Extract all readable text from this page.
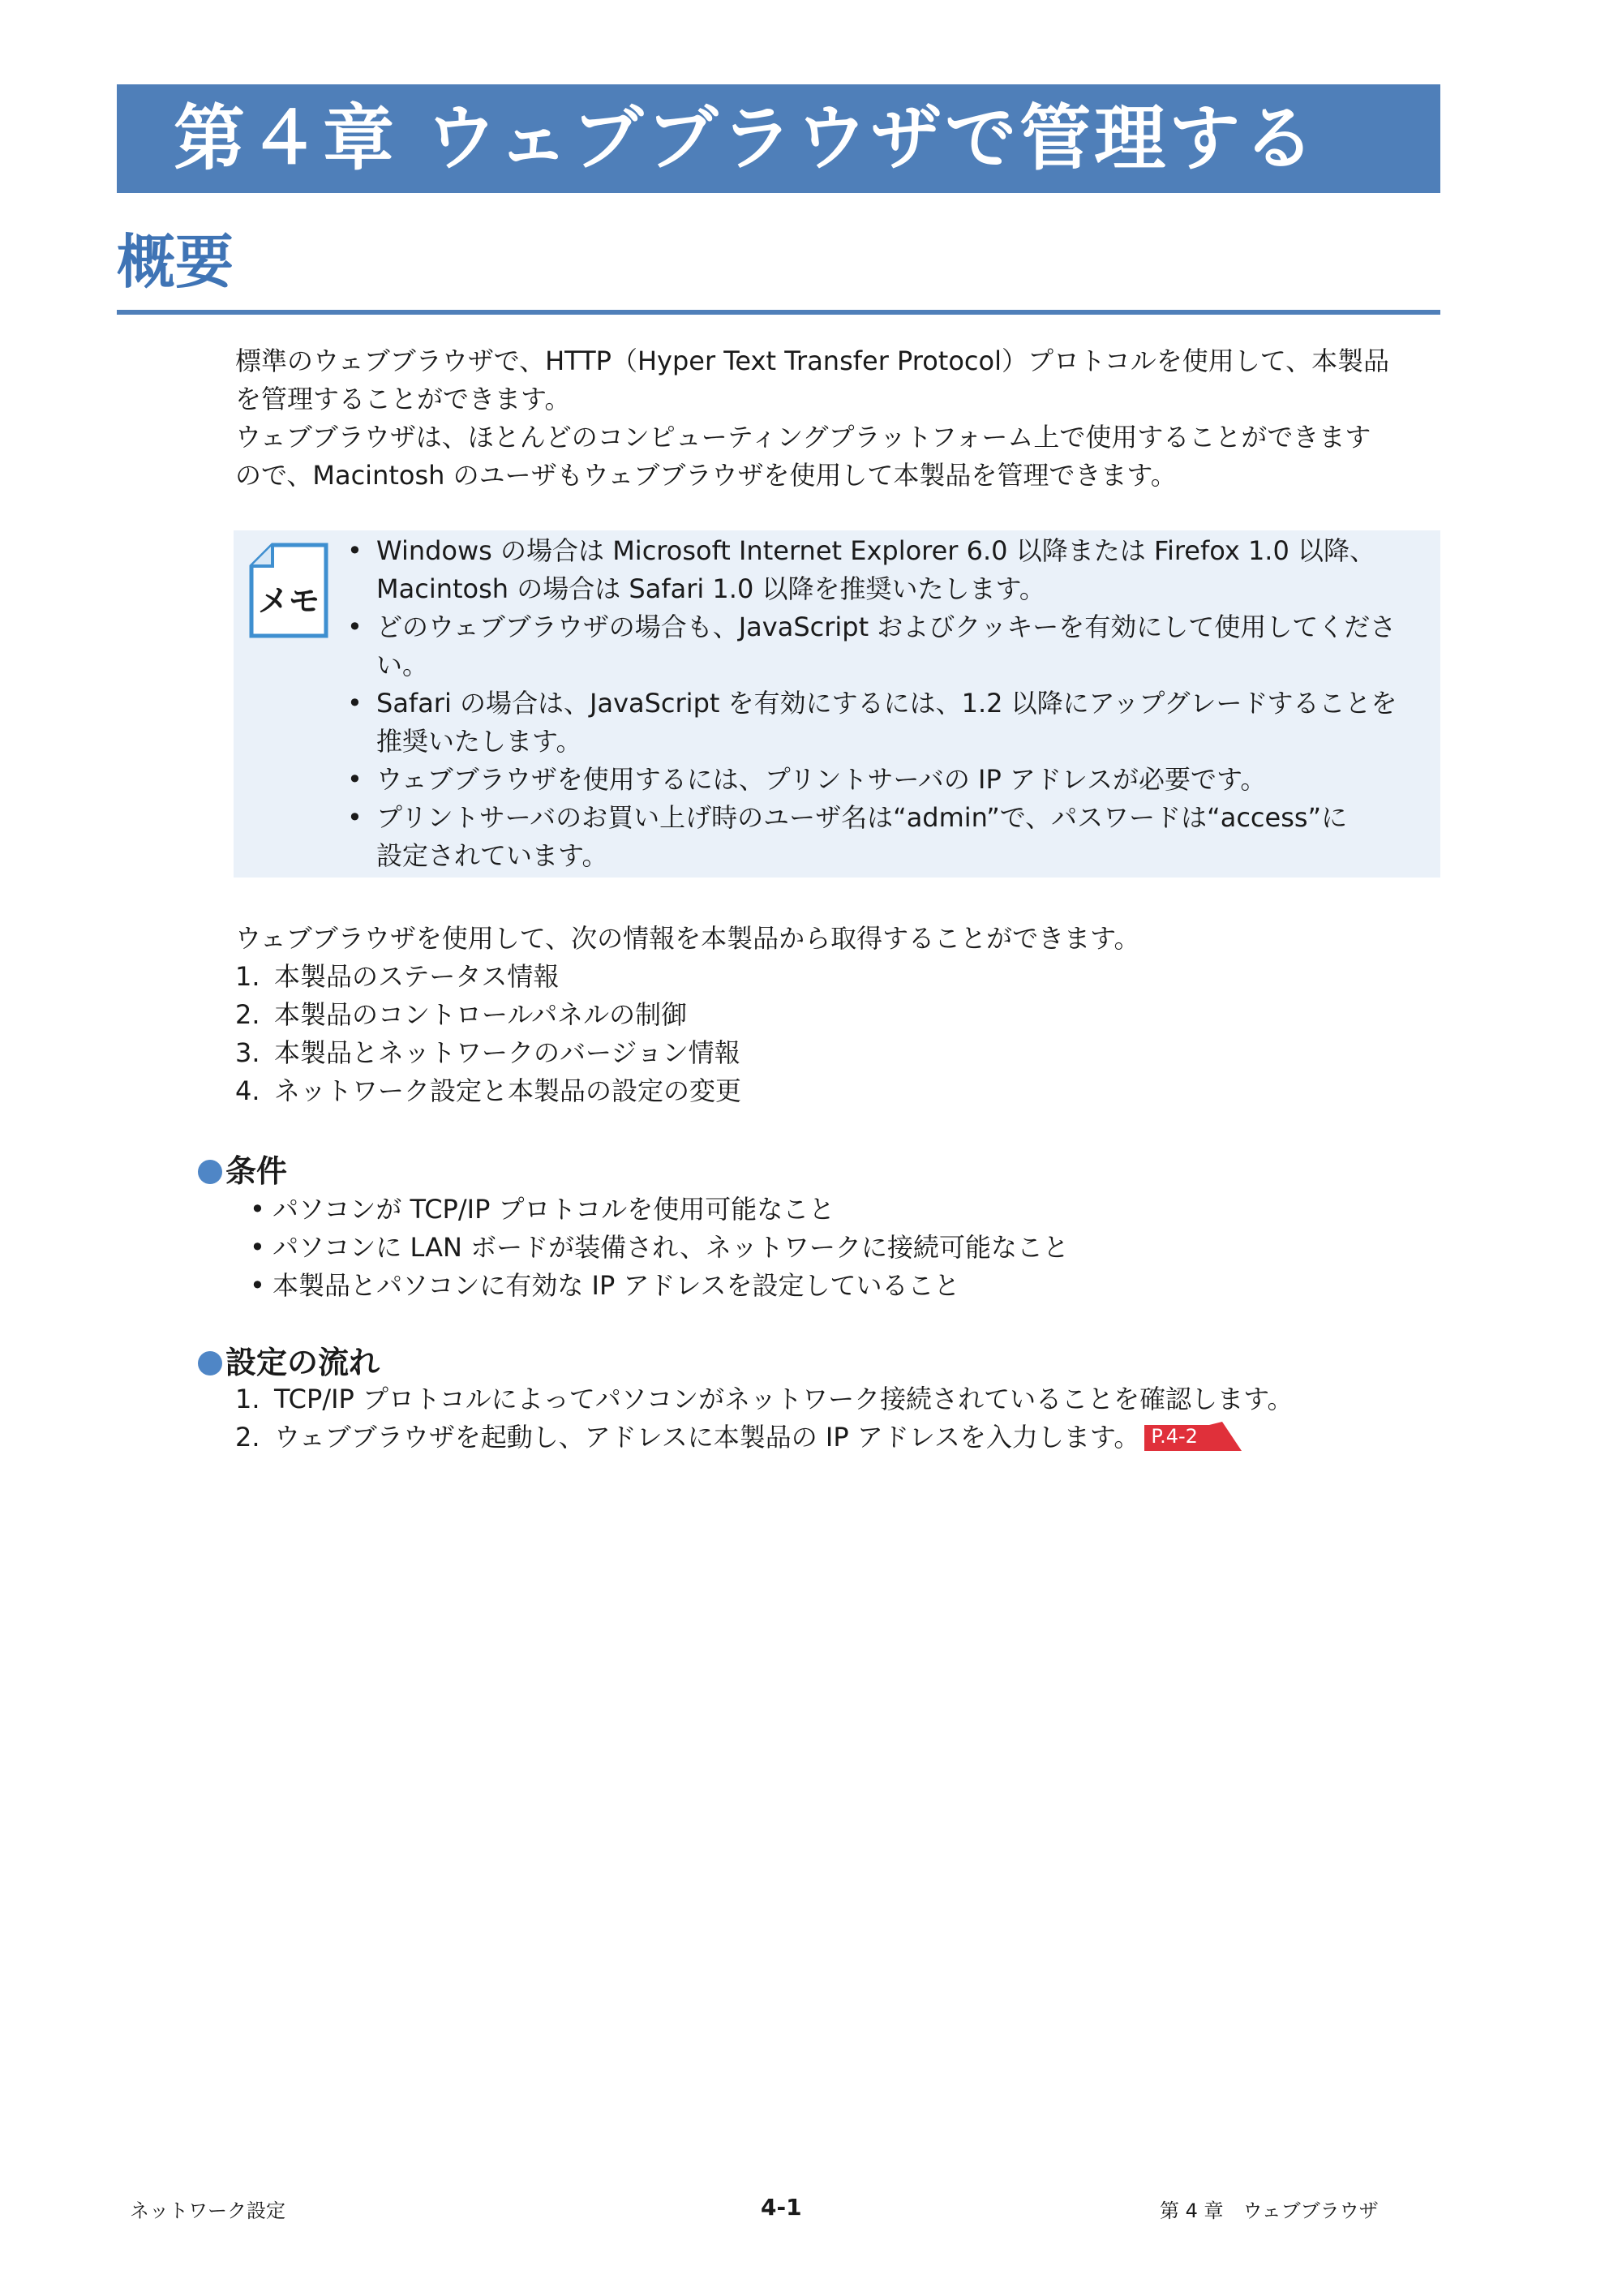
第４章 ウェブブラウザで管理する
概要
標準のウェブブラウザで、HTTP（Hyper Text Transfer Protocol）プロトコルを使用して、本製品
を管理することができます。
ウェブブラウザは、ほとんどのコンピューティングプラットフォーム上で使用することができます
ので、Macintosh のユーザもウェブブラウザを使用して本製品を管理できます。
メモ
• Windows の場合は Microsoft Internet Explorer 6.0 以降または Firefox 1.0 以降、
Macintosh の場合は Safari 1.0 以降を推奨いたします。
• どのウェブブラウザの場合も、JavaScript およびクッキーを有効にして使用してくださ
い。
• Safari の場合は、JavaScript を有効にするには、1.2 以降にアップグレードすることを
推奨いたします。
• ウェブブラウザを使用するには、プリントサーバの IP アドレスが必要です。
• プリントサーバのお買い上げ時のユーザ名は“admin”で、パスワードは“access”に
設定されています。
ウェブブラウザを使用して、次の情報を本製品から取得することができます。
1. 本製品のステータス情報
2. 本製品のコントロールパネルの制御
3. 本製品とネットワークのバージョン情報
4. ネットワーク設定と本製品の設定の変更
条件
• パソコンが TCP/IP プロトコルを使用可能なこと
• パソコンに LAN ボードが装備され、ネットワークに接続可能なこと
• 本製品とパソコンに有効な IP アドレスを設定していること
設定の流れ
1. TCP/IP プロトコルによってパソコンがネットワーク接続されていることを確認します。
2. ウェブブラウザを起動し、アドレスに本製品の IP アドレスを入力します。 P.4-2
ネットワーク設定	4-1	第 4 章　ウェブブラウザ
